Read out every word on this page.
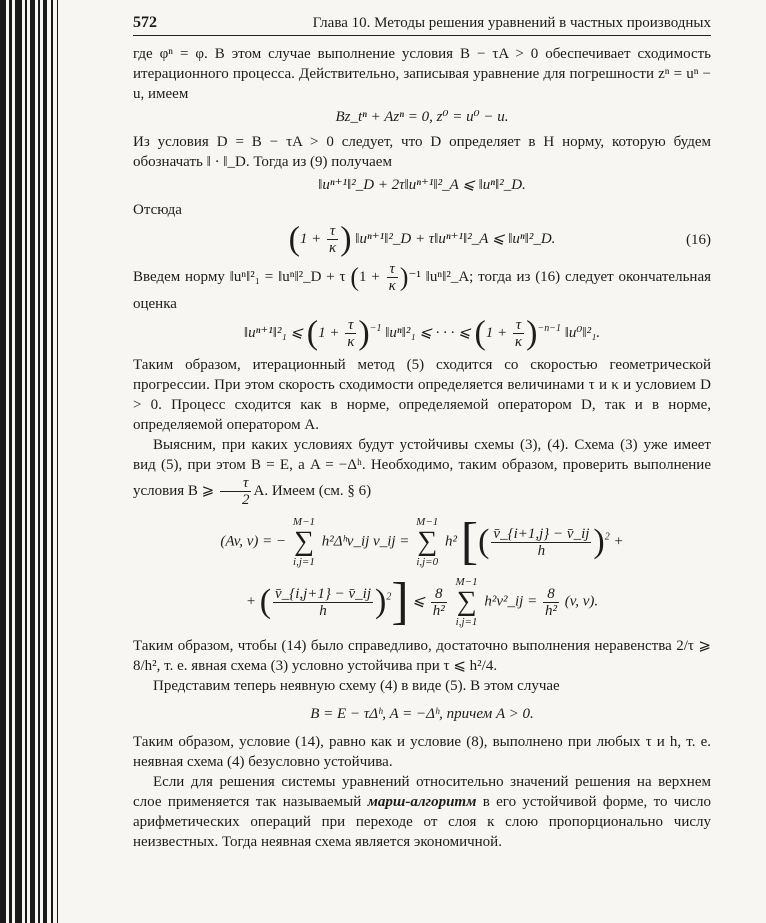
572	Глава 10. Методы решения уравнений в частных производных

где φⁿ = φ. В этом случае выполнение условия B − τA > 0 обеспечивает сходимость итерационного процесса. Действительно, записывая уравнение для погрешности zⁿ = uⁿ − u, имеем

Bz_tⁿ + Azⁿ = 0, z⁰ = u⁰ − u.

Из условия D = B − τA > 0 следует, что D определяет в H норму, которую будем обозначать ‖ · ‖_D. Тогда из (9) получаем

‖uⁿ⁺¹‖²_D + 2τ‖uⁿ⁺¹‖²_A ⩽ ‖uⁿ‖²_D.

Отсюда

($1 + \frac{\tau}{\kappa}$ ) ‖uⁿ⁺¹‖²_D + τ‖uⁿ⁺¹‖²_A ⩽ ‖uⁿ‖²_D.	(16)

Введем норму ‖uⁿ‖²₁ = ‖uⁿ‖²_D + τ $(1 + \frac{\tau}{\kappa} )^{-1}$ ‖uⁿ‖²_A; тогда из (16) следует окончательная оценка

‖uⁿ⁺¹‖²₁ ⩽ $(1 + \frac{\tau}{\kappa} )^{-1}$ ‖uⁿ‖²₁ ⩽ · · · ⩽ $(1 + \frac{\tau}{\kappa} )^{-n-1}$ ‖u⁰‖²₁.

Таким образом, итерационный метод (5) сходится со скоростью геометрической прогрессии. При этом скорость сходимости определяется величинами τ и κ и условием D > 0. Процесс сходится как в норме, определяемой оператором D, так и в норме, определяемой оператором A.

Выясним, при каких условиях будут устойчивы схемы (3), (4). Схема (3) уже имеет вид (5), при этом B = E, а A = −Δʰ. Необходимо, таким образом, проверить выполнение условия B ⩾ $\frac{\tau}{2} A$. Имеем (см. § 6)

(Av, v) = −
M−1
∑
i,j=1
h²Δʰv_ij v_ij =
M−1
∑
i,j=0
h² [( $\frac{v̄\_\{i+1,j\} - v̄\_ij}{h} )^2$ +
+ ( $\frac{v̄\_\{i,j+1\} - v̄\_ij}{h} )^2$] ⩽ $\frac{8}{\text{h²}}$

M−1
∑
i,j=1
h²v²_ij = $\frac{8}{\text{h²}} (v$, v).

Таким образом, чтобы (14) было справедливо, достаточно выполнения неравенства 2/τ ⩾ 8/h², т. е. явная схема (3) условно устойчива при τ ⩽ h²/4.

Представим теперь неявную схему (4) в виде (5). В этом случае

B = E − τΔʰ, A = −Δʰ, причем A > 0.

Таким образом, условие (14), равно как и условие (8), выполнено при любых τ и h, т. е. неявная схема (4) безусловно устойчива.

Если для решения системы уравнений относительно значений решения на верхнем слое применяется так называемый марш-алгоритм в его устойчивой форме, то число арифметических операций при переходе от слоя к слою пропорционально числу неизвестных. Тогда неявная схема является экономичной.
